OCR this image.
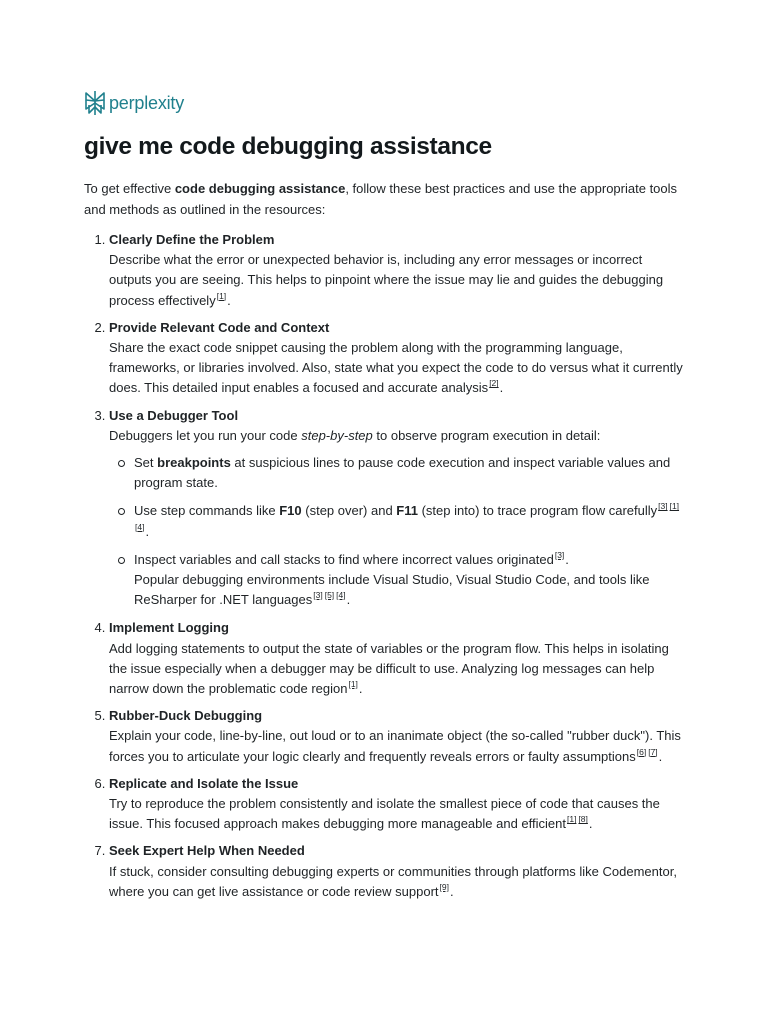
perplexity
give me code debugging assistance

To get effective code debugging assistance, follow these best practices and use the appropriate tools and methods as outlined in the resources:

1. Clearly Define the Problem
Describe what the error or unexpected behavior is, including any error messages or incorrect outputs you are seeing. This helps to pinpoint where the issue may lie and guides the debugging process effectively[1].
2. Provide Relevant Code and Context
Share the exact code snippet causing the problem along with the programming language, frameworks, or libraries involved. Also, state what you expect the code to do versus what it currently does. This detailed input enables a focused and accurate analysis[2].
3. Use a Debugger Tool
Debuggers let you run your code step-by-step to observe program execution in detail:
Set breakpoints at suspicious lines to pause code execution and inspect variable values and program state.
Use step commands like F10 (step over) and F11 (step into) to trace program flow carefully[3] [1][4].
Inspect variables and call stacks to find where incorrect values originated[3].
Popular debugging environments include Visual Studio, Visual Studio Code, and tools like ReSharper for .NET languages[3] [5] [4].
4. Implement Logging
Add logging statements to output the state of variables or the program flow. This helps in isolating the issue especially when a debugger may be difficult to use. Analyzing log messages can help narrow down the problematic code region[1].
5. Rubber-Duck Debugging
Explain your code, line-by-line, out loud or to an inanimate object (the so-called "rubber duck"). This forces you to articulate your logic clearly and frequently reveals errors or faulty assumptions[6] [7].
6. Replicate and Isolate the Issue
Try to reproduce the problem consistently and isolate the smallest piece of code that causes the issue. This focused approach makes debugging more manageable and efficient[1] [8].
7. Seek Expert Help When Needed
If stuck, consider consulting debugging experts or communities through platforms like Codementor, where you can get live assistance or code review support[9].
